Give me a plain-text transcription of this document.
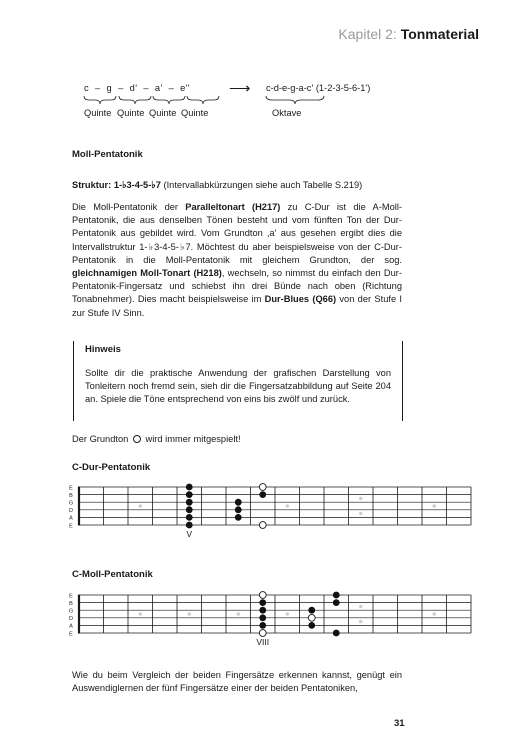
Kapitel 2: Tonmaterial
c  –  g  –  d'  –  a'  –  e''	⟶ c-d-e-g-a-c' (1-2-3-5-6-1')
Quinte Quinte Quinte Quinte	Oktave
Moll-Pentatonik
Struktur: 1-♭3-4-5-♭7 (Intervallabkürzungen siehe auch Tabelle S.219)

Die Moll-Pentatonik der Paralleltonart (H217) zu C-Dur ist die A-Moll-Pentatonik, die aus denselben Tönen besteht und vom fünften Ton der Dur-Pentatonik aus gebildet wird. Vom Grundton ‚a' aus gesehen ergibt dies die Intervallstruktur 1-♭3-4-5-♭7. Möchtest du aber beispielsweise von der C-Dur-Pentatonik in die Moll-Pentatonik mit gleichem Grundton, der sog. gleichnamigen Moll-Tonart (H218), wechseln, so nimmst du einfach den Dur-Pentatonik-Fingersatz und schiebst ihn drei Bünde nach oben (Richtung Tonabnehmer). Dies macht beispielsweise im Dur-Blues (Q66) von der Stufe I zur Stufe IV Sinn.

Hinweis

Sollte dir die praktische Anwendung der grafischen Darstellung von Tonleitern noch fremd sein, sieh dir die Fingersatzabbildung auf Seite 204 an. Spiele die Töne entsprechend von eins bis zwölf und zurück.

Der Grundton wird immer mitgespielt!
C-Dur-Pentatonik
C-Moll-Pentatonik
E
B
G
D
A
E
V
E
B
G
D
A
E
VIII

Wie du beim Vergleich der beiden Fingersätze erkennen kannst, genügt ein Auswendiglernen der fünf Fingersätze einer der beiden Pentatoniken,

31
